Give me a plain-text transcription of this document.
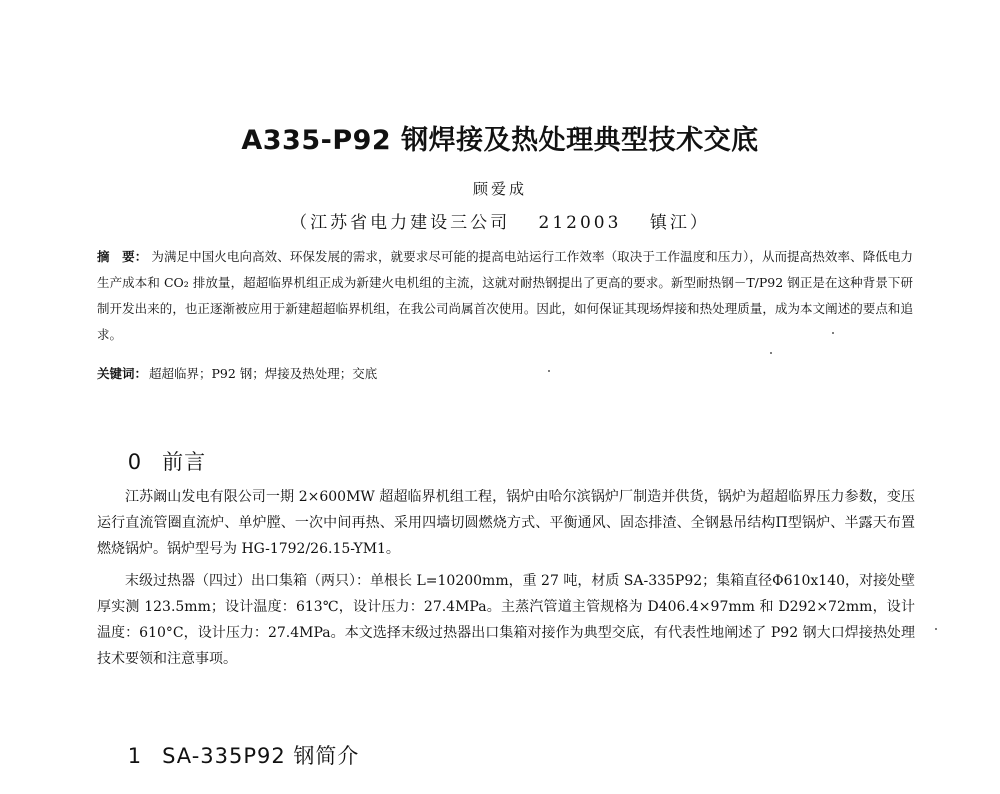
A335-P92 钢焊接及热处理典型技术交底
顾爱成
（江苏省电力建设三公司　 212003　 镇江）
摘　要： 为满足中国火电向高效、环保发展的需求，就要求尽可能的提高电站运行工作效率（取决于工作温度和压力），从而提高热效率、降低电力生产成本和 CO₂ 排放量，超超临界机组正成为新建火电机组的主流，这就对耐热钢提出了更高的要求。新型耐热钢－T/P92 钢正是在这种背景下研制开发出来的，也正逐渐被应用于新建超超临界机组，在我公司尚属首次使用。因此，如何保证其现场焊接和热处理质量，成为本文阐述的要点和追求。
关键词： 超超临界；P92 钢；焊接及热处理；交底

0 前言

江苏阚山发电有限公司一期 2×600MW 超超临界机组工程，锅炉由哈尔滨锅炉厂制造并供货，锅炉为超超临界压力参数，变压运行直流管圈直流炉、单炉膛、一次中间再热、采用四墙切圆燃烧方式、平衡通风、固态排渣、全钢悬吊结构Π型锅炉、半露天布置燃烧锅炉。锅炉型号为 HG-1792/26.15-YM1。
末级过热器（四过）出口集箱（两只）：单根长 L=10200mm，重 27 吨，材质 SA-335P92；集箱直径Φ610x140，对接处壁厚实测 123.5mm；设计温度：613℃，设计压力：27.4MPa。主蒸汽管道主管规格为 D406.4×97mm 和 D292×72mm，设计温度：610°C，设计压力：27.4MPa。本文选择末级过热器出口集箱对接作为典型交底，有代表性地阐述了 P92 钢大口焊接热处理技术要领和注意事项。

1 SA-335P92 钢简介
